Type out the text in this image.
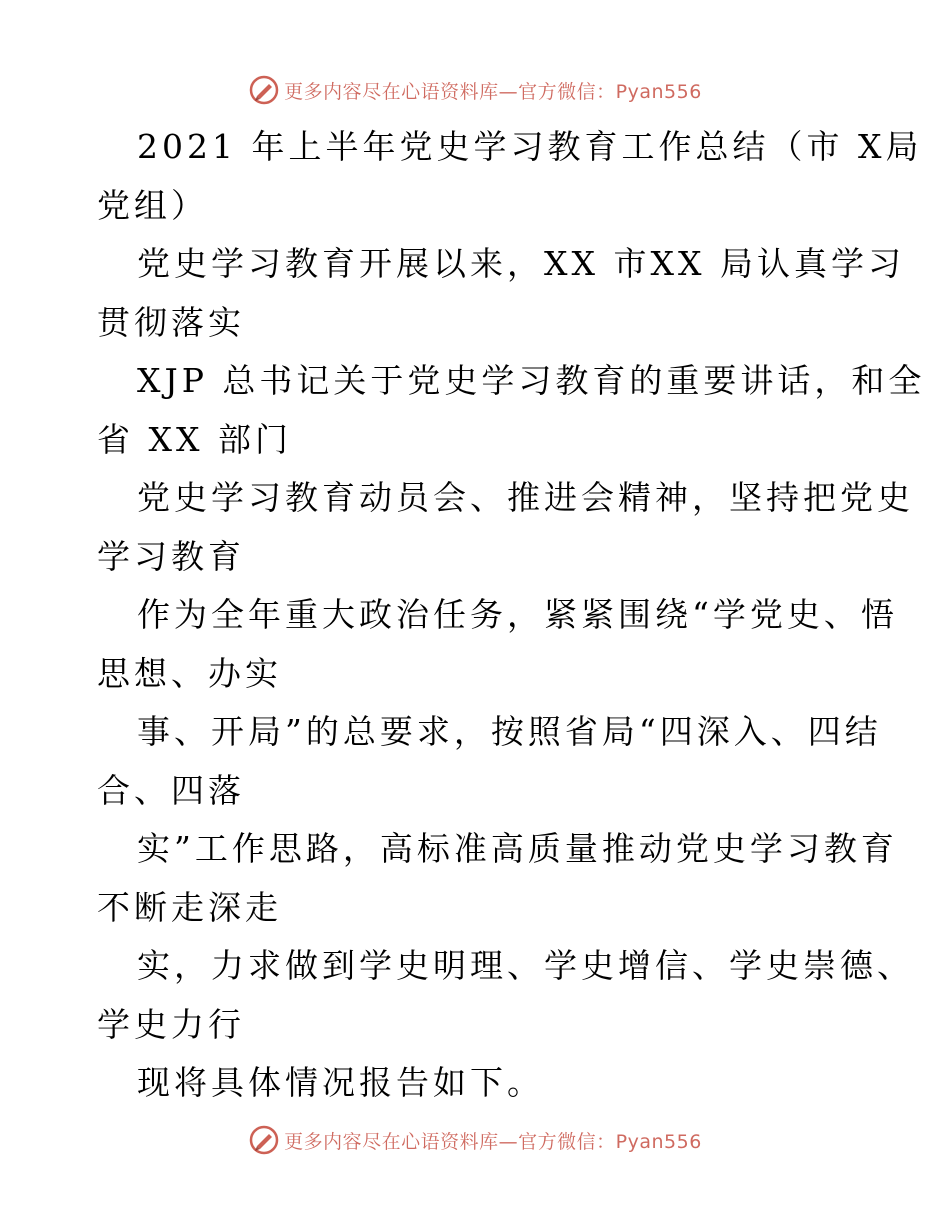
更多内容尽在心语资料库—官方微信：Pyan556
2021 年上半年党史学习教育工作总结（市 X局
党组）
党史学习教育开展以来，XX 市XX 局认真学习
贯彻落实
XJP 总书记关于党史学习教育的重要讲话，和全
省 XX 部门
党史学习教育动员会、推进会精神，坚持把党史
学习教育
作为全年重大政治任务，紧紧围绕“学党史、悟
思想、办实
事、开局”的总要求，按照省局“四深入、四结
合、四落
实”工作思路，高标准高质量推动党史学习教育
不断走深走
实，力求做到学史明理、学史增信、学史崇德、
学史力行
现将具体情况报告如下。
更多内容尽在心语资料库—官方微信：Pyan556
